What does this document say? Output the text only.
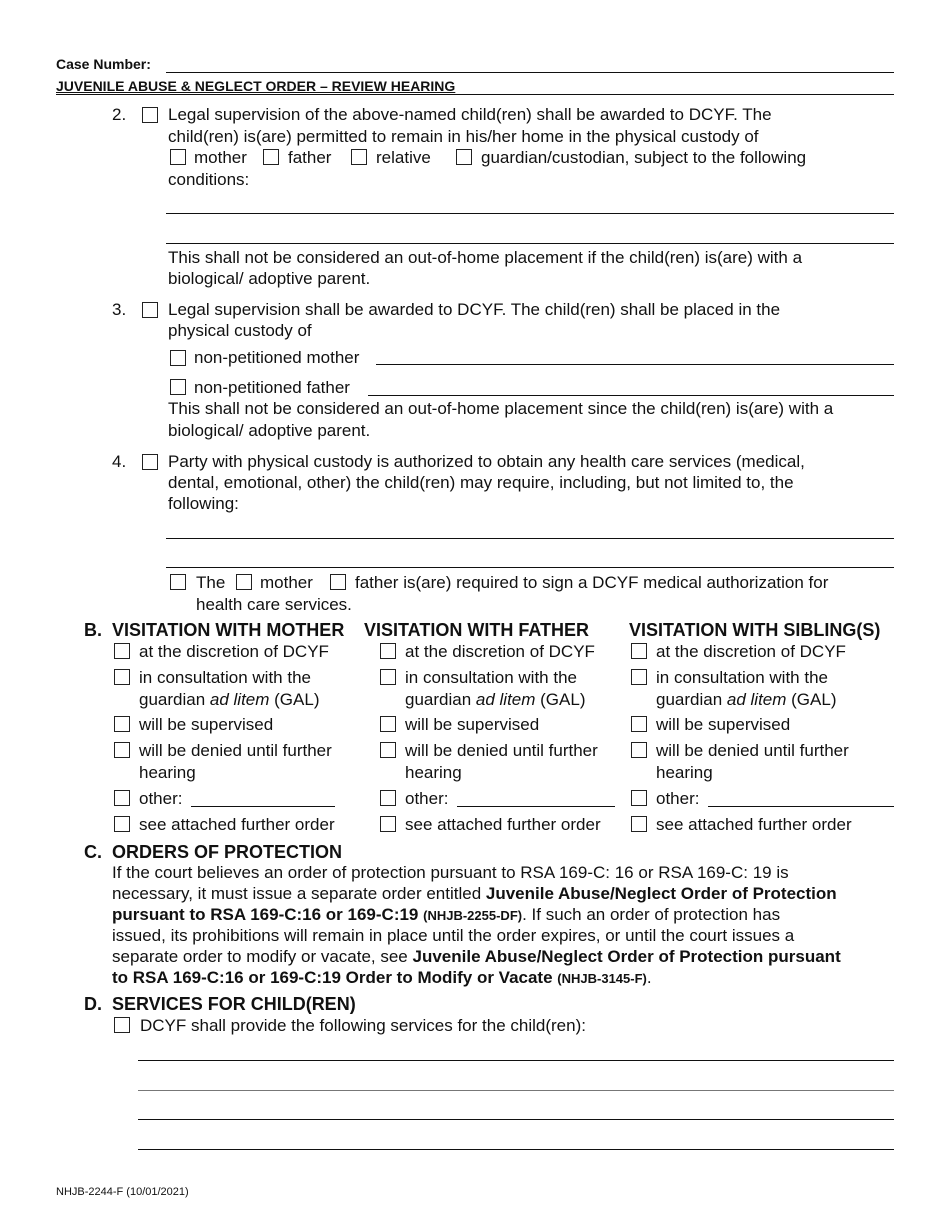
Case Number:
JUVENILE ABUSE & NEGLECT ORDER – REVIEW HEARING
2. Legal supervision of the above-named child(ren) shall be awarded to DCYF. The
child(ren) is(are) permitted to remain in his/her home in the physical custody of
mother father	relative	guardian/custodian, subject to the following
conditions:
This shall not be considered an out-of-home placement if the child(ren) is(are) with a
biological/ adoptive parent.
3. Legal supervision shall be awarded to DCYF. The child(ren) shall be placed in the
physical custody of
non-petitioned mother
non-petitioned father
This shall not be considered an out-of-home placement since the child(ren) is(are) with a
biological/ adoptive parent.
4. Party with physical custody is authorized to obtain any health care services (medical,
dental, emotional, other) the child(ren) may require, including, but not limited to, the
following:
The mother father is(are) required to sign a DCYF medical authorization for
health care services.
B. VISITATION WITH MOTHER
at the discretion of DCYF
in consultation with the
guardian ad litem (GAL)
will be supervised
will be denied until further
hearing
other:
see attached further order
VISITATION WITH FATHER
at the discretion of DCYF
in consultation with the
guardian ad litem (GAL)
will be supervised
will be denied until further
hearing
other:
see attached further order
VISITATION WITH SIBLING(S)
at the discretion of DCYF
in consultation with the
guardian ad litem (GAL)
will be supervised
will be denied until further
hearing
other:
see attached further order
C. ORDERS OF PROTECTION
If the court believes an order of protection pursuant to RSA 169-C: 16 or RSA 169-C: 19 is
necessary, it must issue a separate order entitled Juvenile Abuse/Neglect Order of Protection
pursuant to RSA 169-C:16 or 169-C:19 (NHJB-2255-DF). If such an order of protection has
issued, its prohibitions will remain in place until the order expires, or until the court issues a
separate order to modify or vacate, see Juvenile Abuse/Neglect Order of Protection pursuant
to RSA 169-C:16 or 169-C:19 Order to Modify or Vacate (NHJB-3145-F).
D. SERVICES FOR CHILD(REN)
DCYF shall provide the following services for the child(ren):
NHJB-2244-F (10/01/2021)
